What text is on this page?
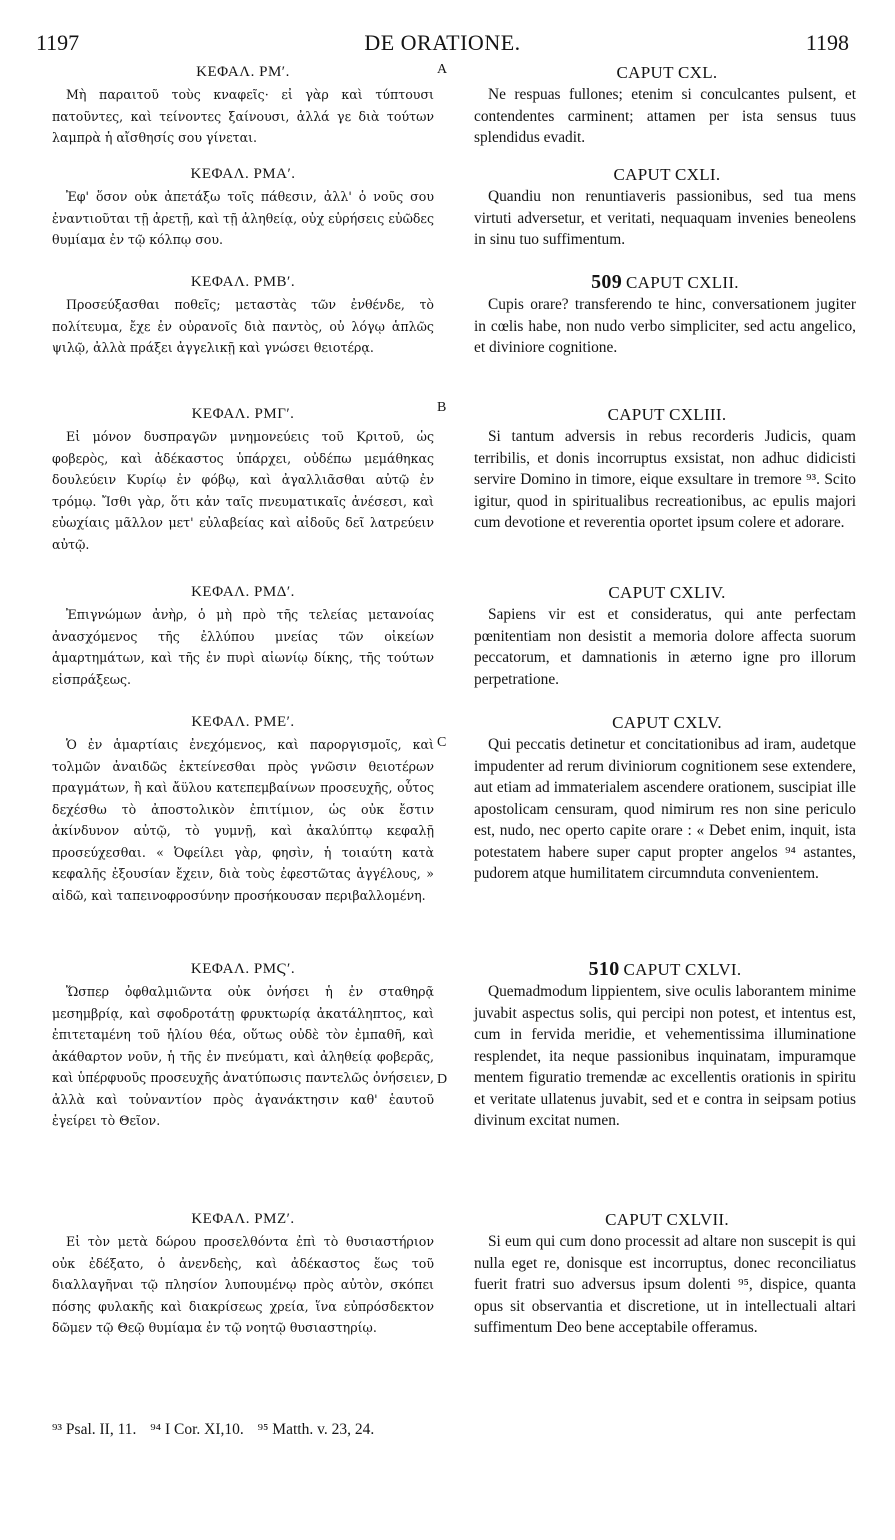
1197	DE ORATIONE.	1198
A
B
C
D
ΚΕΦΑΛ. ΡΜʹ.

Μὴ παραιτοῦ τοὺς κναφεῖς· εἰ γὰρ καὶ τύπτουσι πατοῦντες, καὶ τείνοντες ξαίνουσι, ἀλλά γε διὰ τούτων λαμπρὰ ἡ αἴσθησίς σου γίνεται.

ΚΕΦΑΛ. ΡΜΑʹ.

Ἐφ' ὅσον οὐκ ἀπετάξω τοῖς πάθεσιν, ἀλλ' ὁ νοῦς σου ἐναντιοῦται τῇ ἀρετῇ, καὶ τῇ ἀληθείᾳ, οὐχ εὑρήσεις εὐῶδες θυμίαμα ἐν τῷ κόλπῳ σου.

ΚΕΦΑΛ. ΡΜΒʹ.

Προσεύξασθαι ποθεῖς; μεταστὰς τῶν ἐνθένδε, τὸ πολίτευμα, ἔχε ἐν οὐρανοῖς διὰ παντὸς, οὐ λόγῳ ἁπλῶς ψιλῷ, ἀλλὰ πράξει ἀγγελικῇ καὶ γνώσει θειοτέρᾳ.

ΚΕΦΑΛ. ΡΜΓʹ.

Εἰ μόνον δυσπραγῶν μνημονεύεις τοῦ Κριτοῦ, ὡς φοβερὸς, καὶ ἀδέκαστος ὑπάρχει, οὐδέπω μεμάθηκας δουλεύειν Κυρίῳ ἐν φόβῳ, καὶ ἀγαλλιᾶσθαι αὐτῷ ἐν τρόμῳ. Ἴσθι γὰρ, ὅτι κἀν ταῖς πνευματικαῖς ἀνέσεσι, καὶ εὐωχίαις μᾶλλον μετ' εὐλαβείας καὶ αἰδοῦς δεῖ λατρεύειν αὐτῷ.

ΚΕΦΑΛ. ΡΜΔʹ.

Ἐπιγνώμων ἀνὴρ, ὁ μὴ πρὸ τῆς τελείας μετανοίας ἀνασχόμενος τῆς ἐλλύπου μνείας τῶν οἰκείων ἁμαρτημάτων, καὶ τῆς ἐν πυρὶ αἰωνίῳ δίκης, τῆς τούτων εἰσπράξεως.

ΚΕΦΑΛ. ΡΜΕʹ.

Ὁ ἐν ἁμαρτίαις ἐνεχόμενος, καὶ παροργισμοῖς, καὶ τολμῶν ἀναιδῶς ἐκτείνεσθαι πρὸς γνῶσιν θειοτέρων πραγμάτων, ἢ καὶ ἄϋλου κατεπεμβαίνων προσευχῆς, οὗτος δεχέσθω τὸ ἀποστολικὸν ἐπιτίμιον, ὡς οὐκ ἔστιν ἀκίνδυνον αὐτῷ, τὸ γυμνῇ, καὶ ἀκαλύπτῳ κεφαλῇ προσεύχεσθαι. « Ὀφείλει γὰρ, φησὶν, ἡ τοιαύτη κατὰ κεφαλῆς ἐξουσίαν ἔχειν, διὰ τοὺς ἐφεστῶτας ἀγγέλους, » αἰδῶ, καὶ ταπεινοφροσύνην προσήκουσαν περιβαλλομένη.

ΚΕΦΑΛ. ΡΜϚʹ.

Ὥσπερ ὀφθαλμιῶντα οὐκ ὀνήσει ἡ ἐν σταθηρᾷ μεσημβρίᾳ, καὶ σφοδροτάτῃ φρυκτωρίᾳ ἀκατάληπτος, καὶ ἐπιτεταμένη τοῦ ἡλίου θέα, οὕτως οὐδὲ τὸν ἐμπαθῆ, καὶ ἀκάθαρτον νοῦν, ἡ τῆς ἐν πνεύματι, καὶ ἀληθείᾳ φοβερᾶς, καὶ ὑπέρφυοῦς προσευχῆς ἀνατύπωσις παντελῶς ὀνήσειεν, ἀλλὰ καὶ τοὐναντίον πρὸς ἀγανάκτησιν καθ' ἑαυτοῦ ἐγείρει τὸ Θεῖον.

ΚΕΦΑΛ. ΡΜΖʹ.

Εἰ τὸν μετὰ δώρου προσελθόντα ἐπὶ τὸ θυσιαστήριον οὐκ ἐδέξατο, ὁ ἀνενδεὴς, καὶ ἀδέκαστος ἕως τοῦ διαλλαγῆναι τῷ πλησίον λυπουμένῳ πρὸς αὐτὸν, σκόπει πόσης φυλακῆς καὶ διακρίσεως χρεία, ἵνα εὐπρόσδεκτον δῶμεν τῷ Θεῷ θυμίαμα ἐν τῷ νοητῷ θυσιαστηρίῳ.

CAPUT CXL.

Ne respuas fullones; etenim si conculcantes pulsent, et contendentes carminent; attamen per ista sensus tuus splendidus evadit.

CAPUT CXLI.

Quandiu non renuntiaveris passionibus, sed tua mens virtuti adversetur, et veritati, nequaquam invenies beneolens in sinu tuo suffimentum.

509 CAPUT CXLII.

Cupis orare? transferendo te hinc, conversationem jugiter in cœlis habe, non nudo verbo simpliciter, sed actu angelico, et diviniore cognitione.

CAPUT CXLIII.

Si tantum adversis in rebus recorderis Judicis, quam terribilis, et donis incorruptus exsistat, non adhuc didicisti servire Domino in timore, eique exsultare in tremore ⁹³. Scito igitur, quod in spiritualibus recreationibus, ac epulis majori cum devotione et reverentia oportet ipsum colere et adorare.

CAPUT CXLIV.

Sapiens vir est et consideratus, qui ante perfectam pœnitentiam non desistit a memoria dolore affecta suorum peccatorum, et damnationis in æterno igne pro illorum perpetratione.

CAPUT CXLV.

Qui peccatis detinetur et concitationibus ad iram, audetque impudenter ad rerum diviniorum cognitionem sese extendere, aut etiam ad immaterialem ascendere orationem, suscipiat ille apostolicam censuram, quod nimirum res non sine periculo est, nudo, nec operto capite orare : « Debet enim, inquit, ista potestatem habere super caput propter angelos ⁹⁴ astantes, pudorem atque humilitatem circumnduta convenientem.

510 CAPUT CXLVI.

Quemadmodum lippientem, sive oculis laborantem minime juvabit aspectus solis, qui percipi non potest, et intentus est, cum in fervida meridie, et vehementissima illuminatione resplendet, ita neque passionibus inquinatam, impuramque mentem figuratio tremendæ ac excellentis orationis in spiritu et veritate ullatenus juvabit, sed et e contra in seipsam potius divinum excitat numen.

CAPUT CXLVII.

Si eum qui cum dono processit ad altare non suscepit is qui nulla eget re, donisque est incorruptus, donec reconciliatus fuerit fratri suo adversus ipsum dolenti ⁹⁵, dispice, quanta opus sit observantia et discretione, ut in intellectuali altari suffimentum Deo bene acceptabile offeramus.

⁹³ Psal. II, 11. ⁹⁴ I Cor. XI,10. ⁹⁵ Matth. v. 23, 24.
